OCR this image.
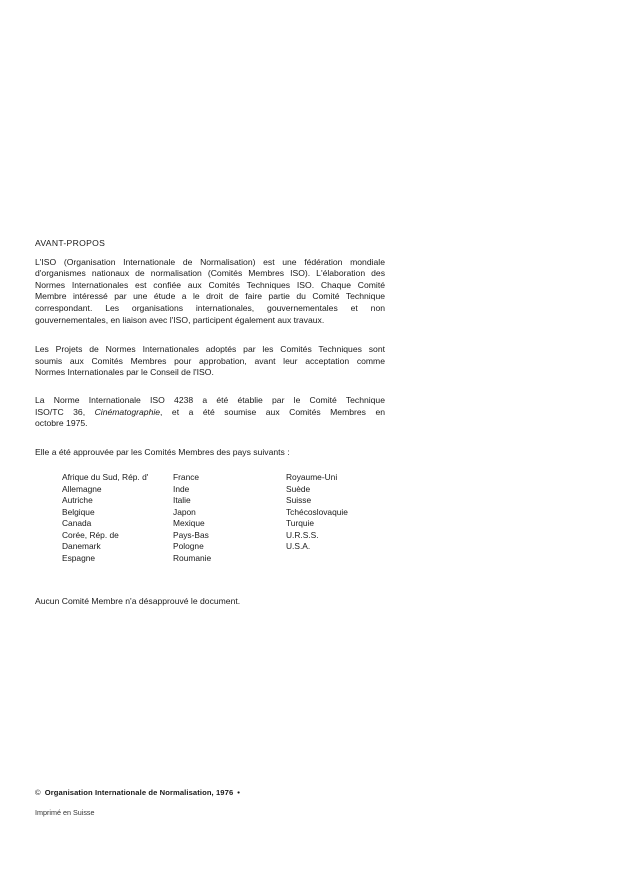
AVANT-PROPOS

L'ISO (Organisation Internationale de Normalisation) est une fédération mondiale
d'organismes nationaux de normalisation (Comités Membres ISO). L'élaboration des
Normes Internationales est confiée aux Comités Techniques ISO. Chaque Comité
Membre intéressé par une étude a le droit de faire partie du Comité Technique
correspondant. Les organisations internationales, gouvernementales et non
gouvernementales, en liaison avec l'ISO, participent également aux travaux.

Les Projets de Normes Internationales adoptés par les Comités Techniques sont
soumis aux Comités Membres pour approbation, avant leur acceptation comme
Normes Internationales par le Conseil de l'ISO.

La Norme Internationale ISO 4238 a été établie par le Comité Technique
ISO/TC 36, Cinématographie, et a été soumise aux Comités Membres en
octobre 1975.

Elle a été approuvée par les Comités Membres des pays suivants :

Afrique du Sud, Rép. d'
Allemagne
Autriche
Belgique
Canada
Corée, Rép. de
Danemark
Espagne
France
Inde
Italie
Japon
Mexique
Pays-Bas
Pologne
Roumanie
Royaume-Uni
Suède
Suisse
Tchécoslovaquie
Turquie
U.R.S.S.
U.S.A.

Aucun Comité Membre n'a désapprouvé le document.

© Organisation Internationale de Normalisation, 1976 •
Imprimé en Suisse
